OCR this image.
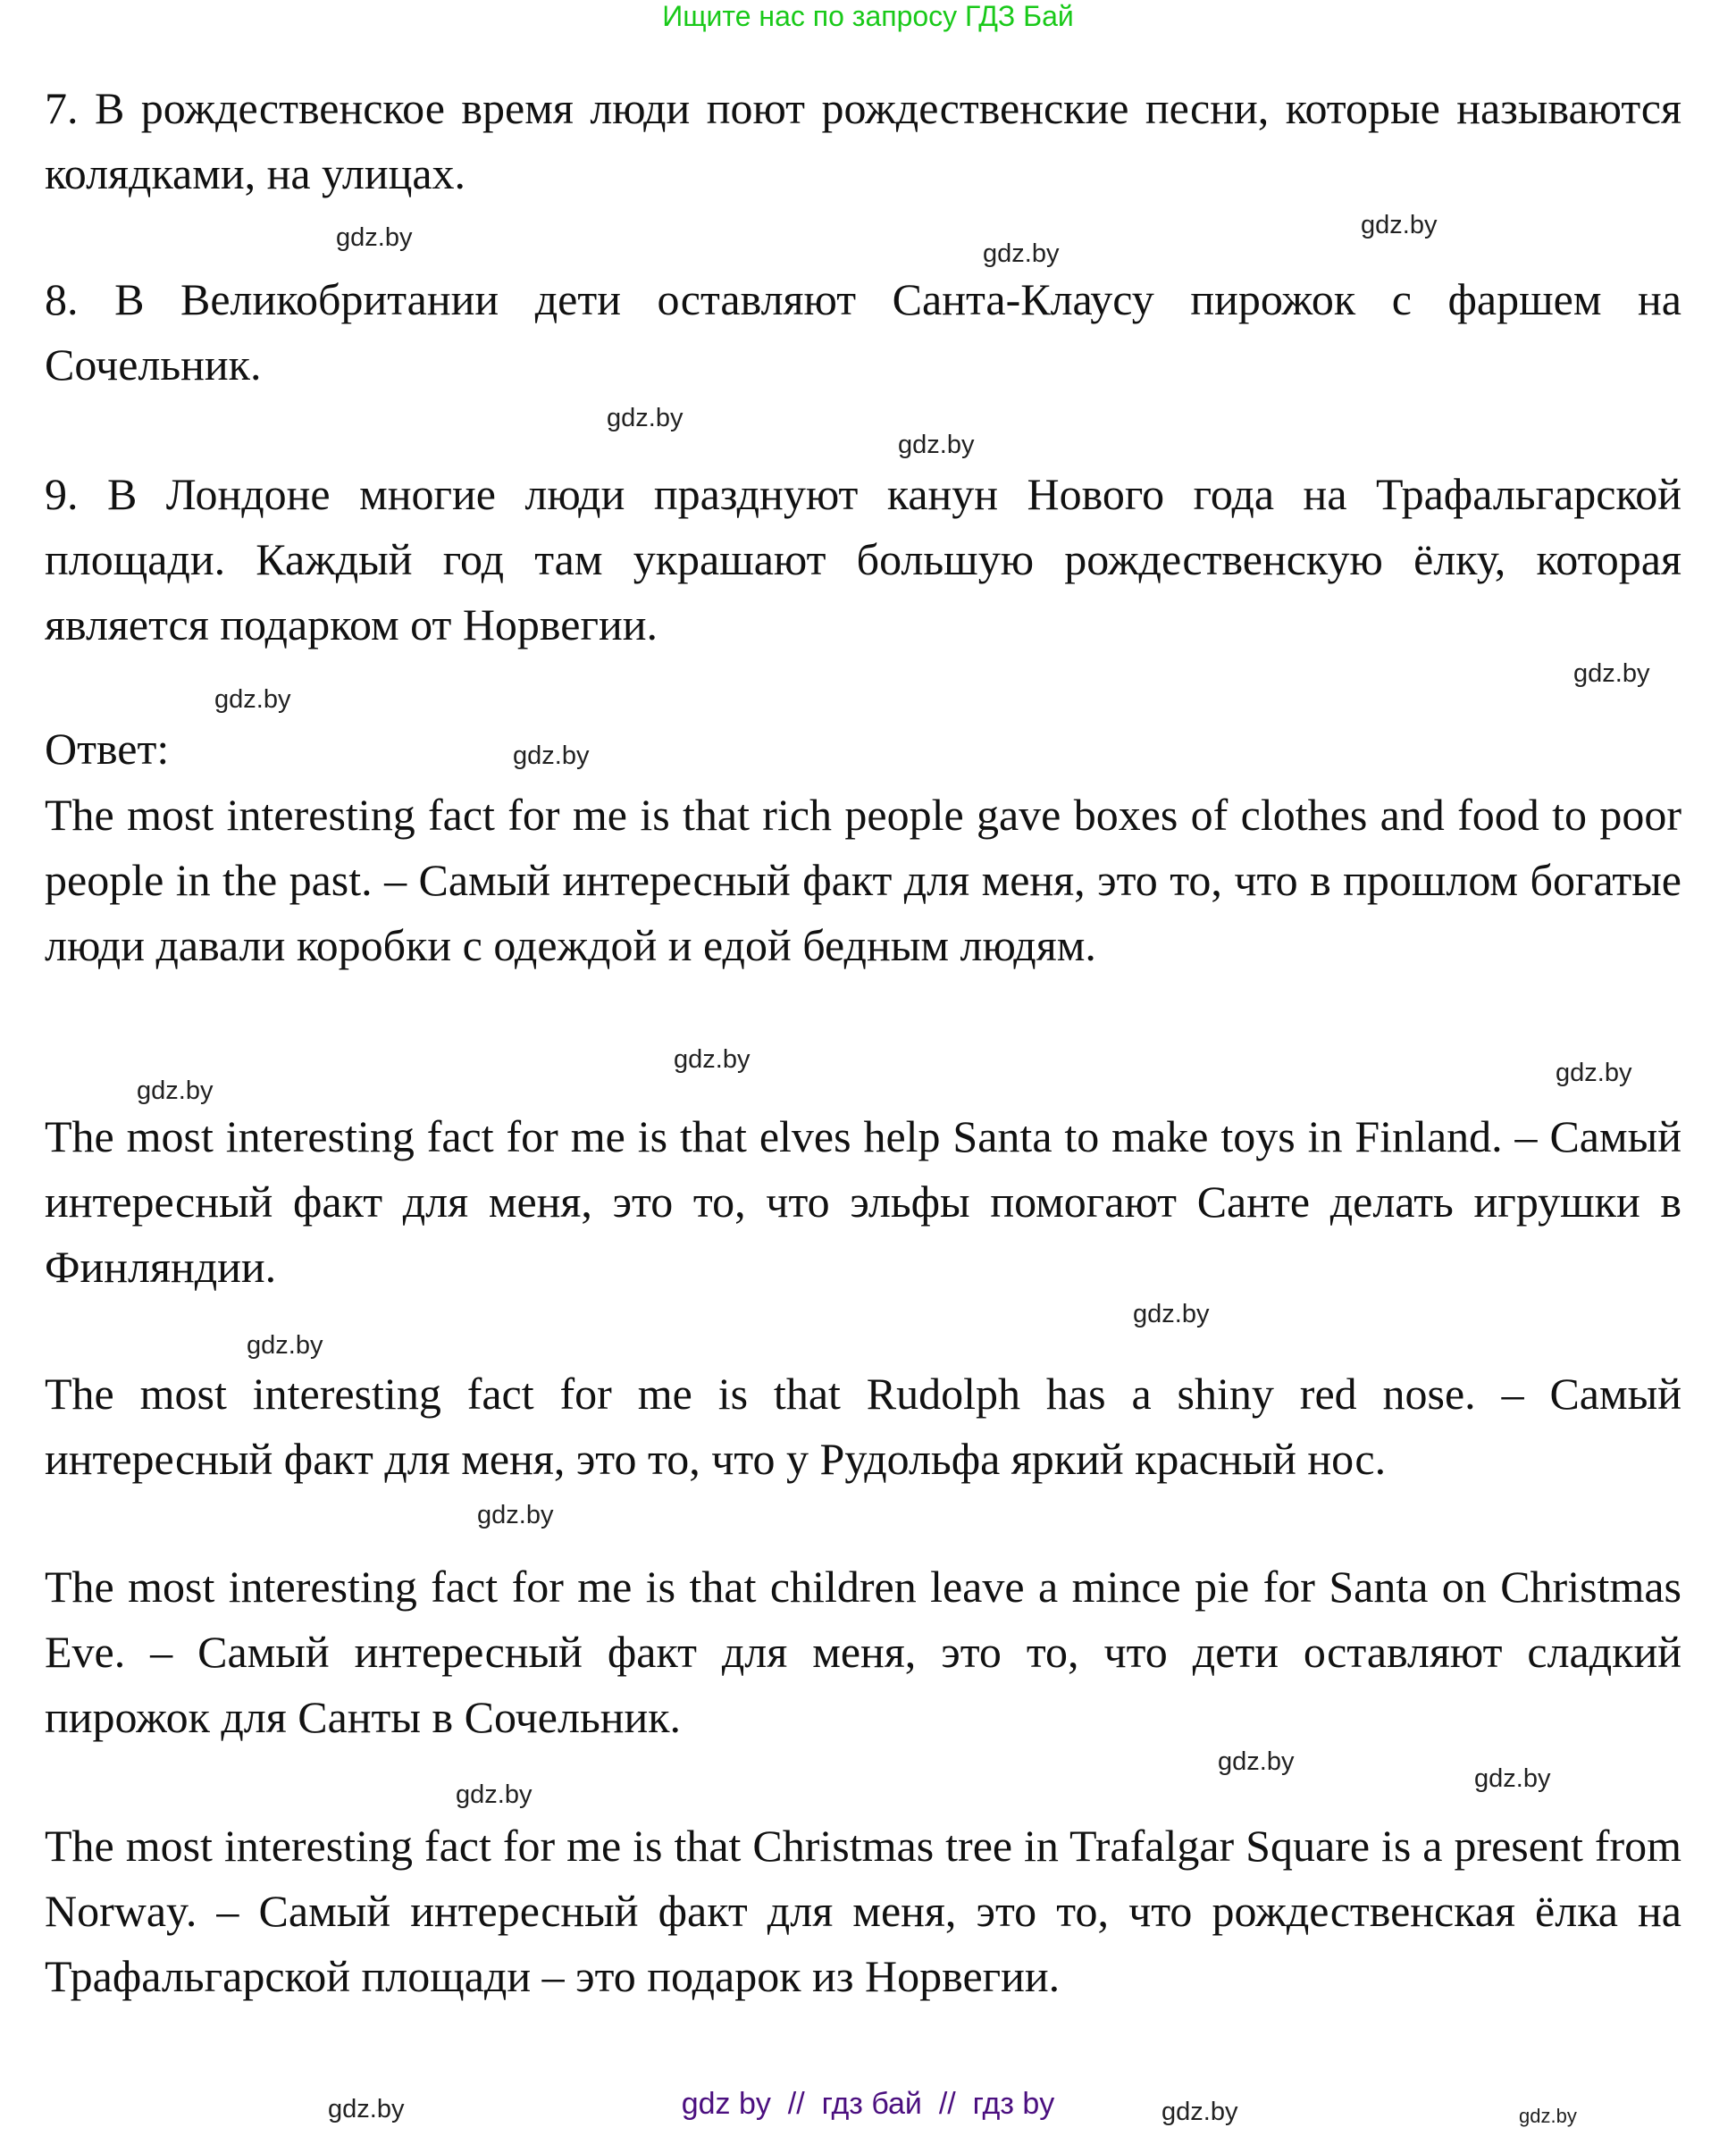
Ищите нас по запросу ГДЗ Бай

7. В рождественское время люди поют рождественские песни, которые называются колядками, на улицах.

8. В Великобритании дети оставляют Санта-Клаусу пирожок с фаршем на Сочельник.

9. В Лондоне многие люди празднуют канун Нового года на Трафальгарской площади. Каждый год там украшают большую рождественскую ёлку, которая является подарком от Норвегии.

Ответ:

The most interesting fact for me is that rich people gave boxes of clothes and food to poor people in the past. – Самый интересный факт для меня, это то, что в прошлом богатые люди давали коробки с одеждой и едой бедным людям.

The most interesting fact for me is that elves help Santa to make toys in Finland. – Самый интересный факт для меня, это то, что эльфы помогают Санте делать игрушки в Финляндии.

The most interesting fact for me is that Rudolph has a shiny red nose. – Самый интересный факт для меня, это то, что у Рудольфа яркий красный нос.

The most interesting fact for me is that children leave a mince pie for Santa on Christmas Eve. – Самый интересный факт для меня, это то, что дети оставляют сладкий пирожок для Санты в Сочельник.

The most interesting fact for me is that Christmas tree in Trafalgar Square is a present from Norway. – Самый интересный факт для меня, это то, что рождественская ёлка на Трафальгарской площади – это подарок из Норвегии.

gdz.by
gdz.by
gdz.by
gdz.by
gdz.by
gdz.by
gdz.by
gdz.by
gdz.by	gdz.by
gdz.by
gdz.by
gdz.by
gdz.by
gdz.by
gdz.by
gdz.by
gdz.by
gdz.by	gdz.by
gdz by  //  гдз бай  //  гдз by
